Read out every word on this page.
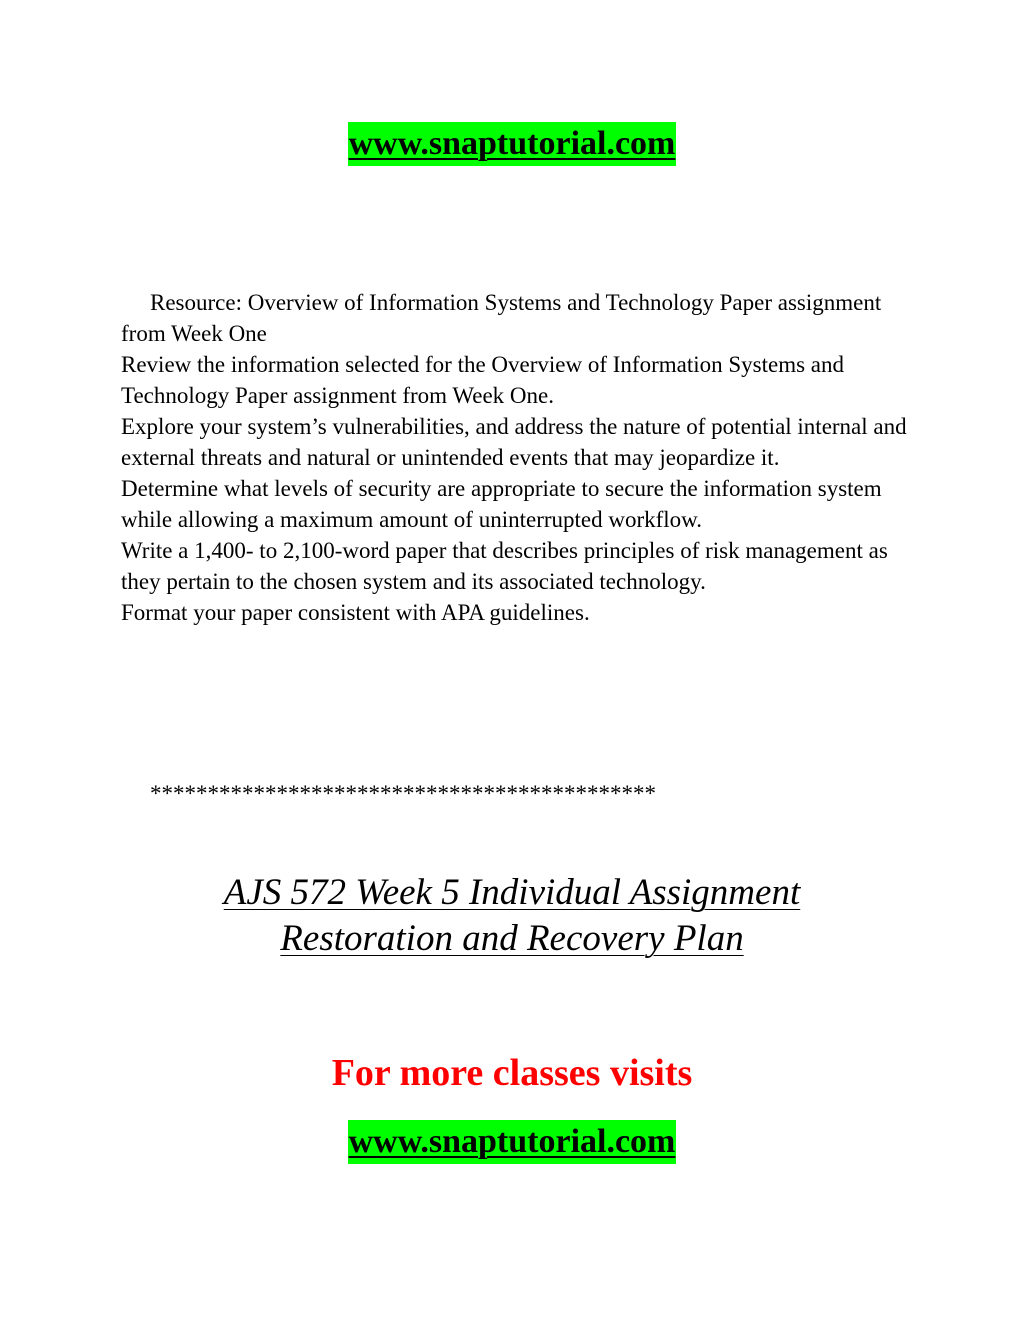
www.snaptutorial.com

Resource: Overview of Information Systems and Technology Paper assignment from Week One

Review the information selected for the Overview of Information Systems and Technology Paper assignment from Week One.

Explore your system’s vulnerabilities, and address the nature of potential internal and external threats and natural or unintended events that may jeopardize it.

Determine what levels of security are appropriate to secure the information system while allowing a maximum amount of uninterrupted workflow.

Write a 1,400- to 2,100-word paper that describes principles of risk management as they pertain to the chosen system and its associated technology.

Format your paper consistent with APA guidelines.

********************************************
AJS 572 Week 5 Individual Assignment
Restoration and Recovery Plan
For more classes visits
www.snaptutorial.com
